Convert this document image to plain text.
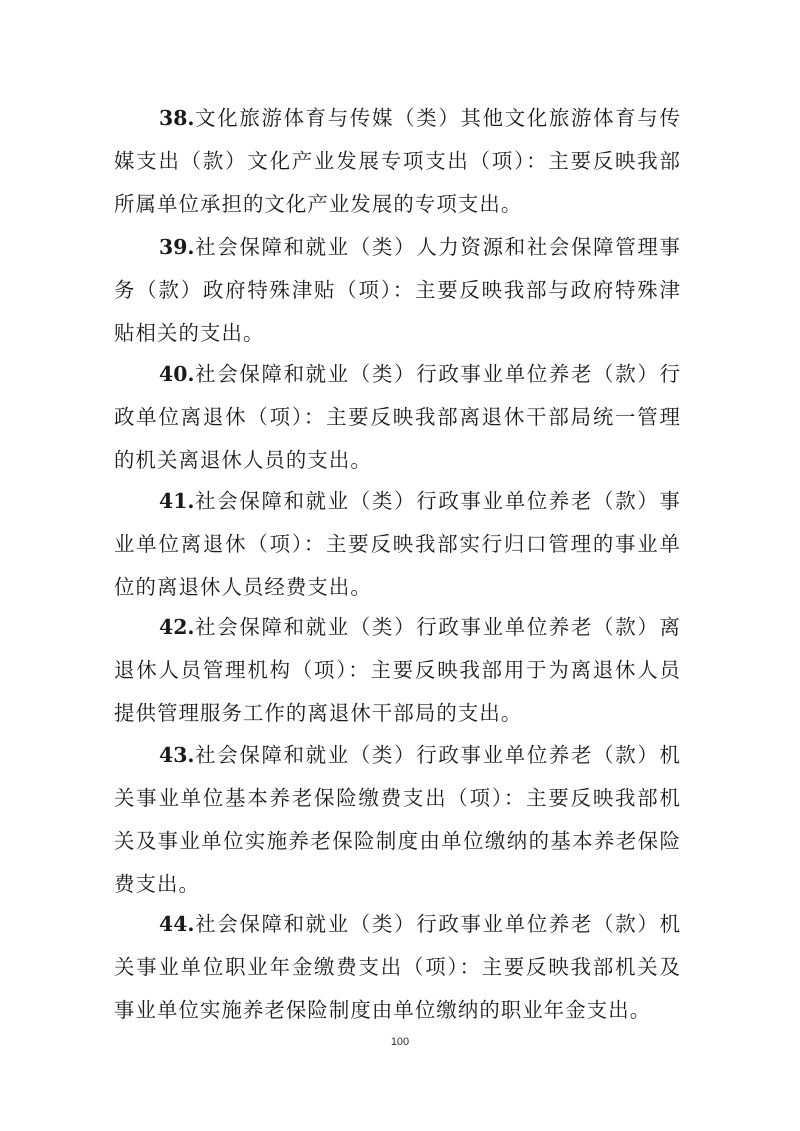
38.文化旅游体育与传媒（类）其他文化旅游体育与传媒支出（款）文化产业发展专项支出（项）：主要反映我部所属单位承担的文化产业发展的专项支出。

39.社会保障和就业（类）人力资源和社会保障管理事务（款）政府特殊津贴（项）：主要反映我部与政府特殊津贴相关的支出。

40.社会保障和就业（类）行政事业单位养老（款）行政单位离退休（项）：主要反映我部离退休干部局统一管理的机关离退休人员的支出。

41.社会保障和就业（类）行政事业单位养老（款）事业单位离退休（项）：主要反映我部实行归口管理的事业单位的离退休人员经费支出。

42.社会保障和就业（类）行政事业单位养老（款）离退休人员管理机构（项）：主要反映我部用于为离退休人员提供管理服务工作的离退休干部局的支出。

43.社会保障和就业（类）行政事业单位养老（款）机关事业单位基本养老保险缴费支出（项）：主要反映我部机关及事业单位实施养老保险制度由单位缴纳的基本养老保险费支出。

44.社会保障和就业（类）行政事业单位养老（款）机关事业单位职业年金缴费支出（项）：主要反映我部机关及事业单位实施养老保险制度由单位缴纳的职业年金支出。

100
